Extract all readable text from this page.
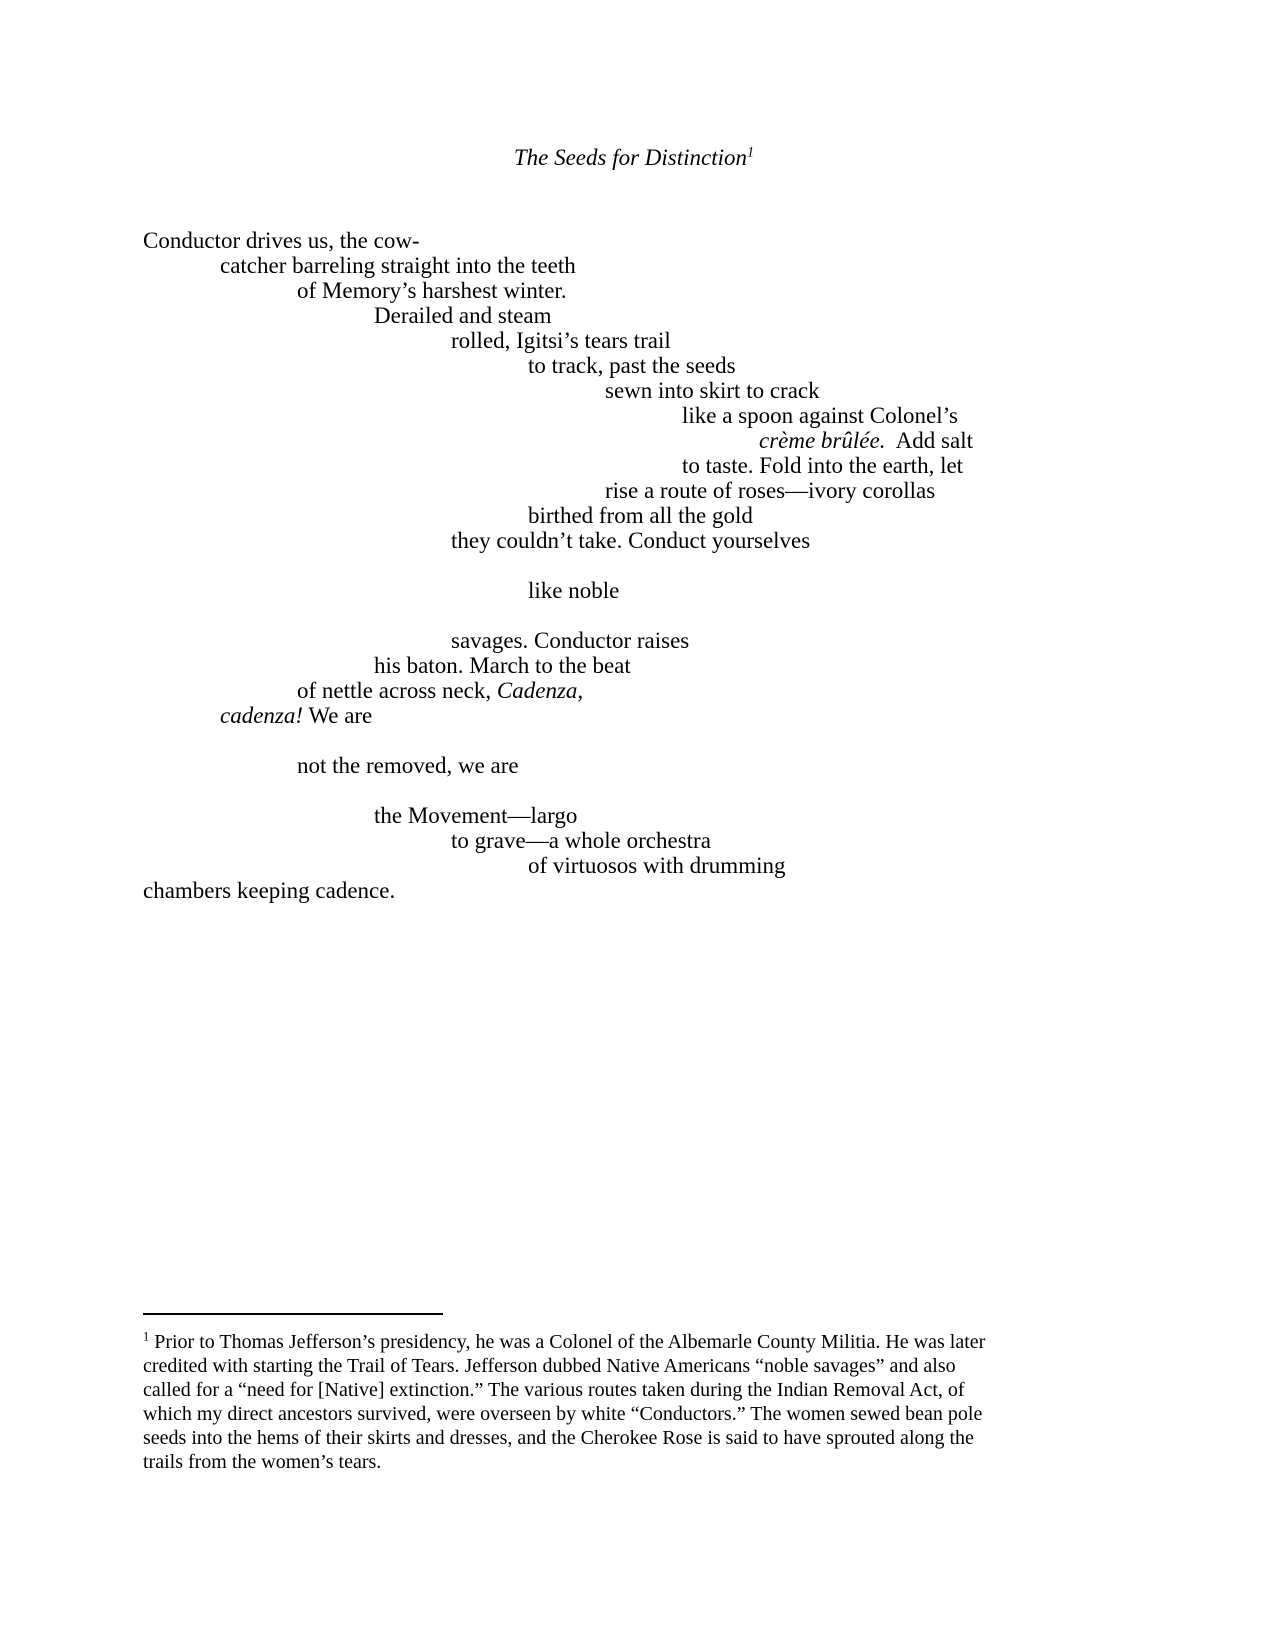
The Seeds for Distinction$^1$
Conductor drives us, the cow-
catcher barreling straight into the teeth
of Memory’s harshest winter.
Derailed and steam
rolled, Igitsi’s tears trail
to track, past the seeds
sewn into skirt to crack
like a spoon against Colonel’s
crème brûlée.  Add salt
to taste. Fold into the earth, let
rise a route of roses—ivory corollas
birthed from all the gold
they couldn’t take. Conduct yourselves
like noble
savages. Conductor raises
his baton. March to the beat
of nettle across neck, Cadenza,
cadenza! We are
not the removed, we are
the Movement—largo
to grave—a whole orchestra
of virtuosos with drumming
chambers keeping cadence.
$^1$ Prior to Thomas Jefferson’s presidency, he was a Colonel of the Albemarle County Militia. He was later
credited with starting the Trail of Tears. Jefferson dubbed Native Americans “noble savages” and also
called for a “need for [Native] extinction.” The various routes taken during the Indian Removal Act, of
which my direct ancestors survived, were overseen by white “Conductors.” The women sewed bean pole
seeds into the hems of their skirts and dresses, and the Cherokee Rose is said to have sprouted along the
trails from the women’s tears.
